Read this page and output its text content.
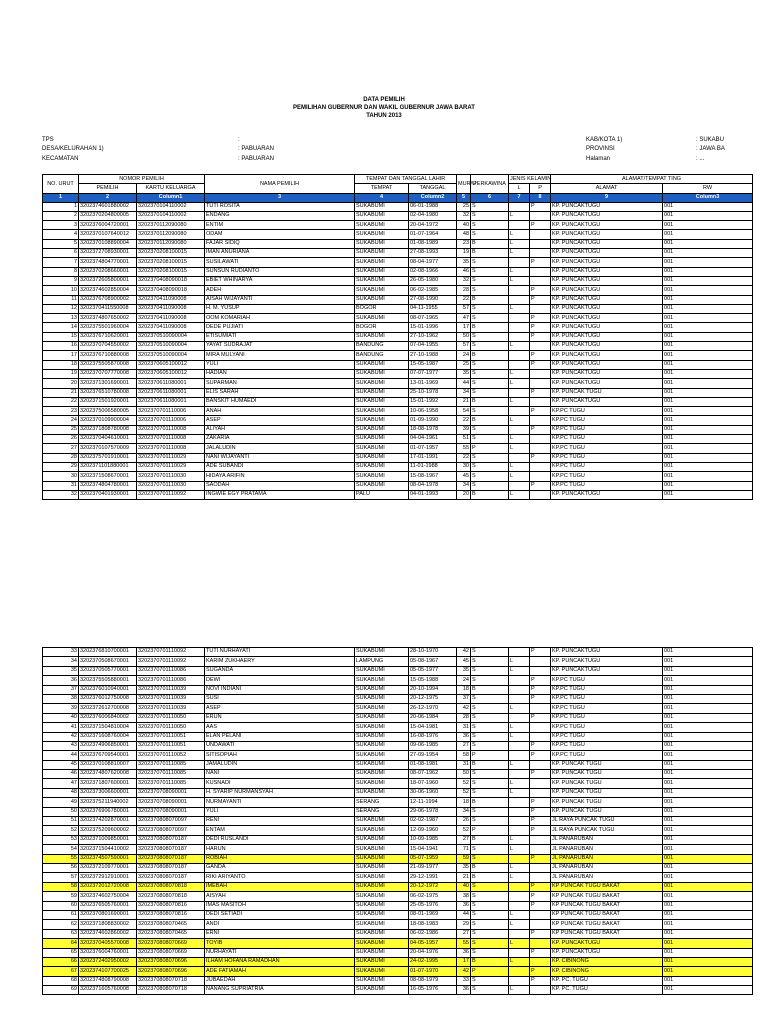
DATA PEMILIH
PEMILIHAN GUBERNUR DAN WAKIL GUBERNUR JAWA BARAT
TAHUN 2013
TPS	:
DESA/KELURAHAN 1)	: PABUARAN
KECAMATAN	: PABUARAN
KAB/KOTA 1)	: SUKABU
PROVINSI	: JAWA BA
Halaman	: ...
NO. URUT	NOMOR PEMILIH		NAMA PEMILIH	TEMPAT DAN TANGGAL LAHIR		MUR/U	PERKAWINA	JENIS KELAMIN		ALAMAT/TEMPAT TING	
	PEMILIH	KARTU KELUARGA		TEMPAT	TANGGAL			L	P	ALAMAT	RW
1	2	Column1	3	4	Column2	5	6	7	8	9	Column3
1	3202374601880002	3202370104110002	TUTI ROSITA	SUKABUMI	06-01-1988	25	S		P	KP. PUNCAKTUGU	001
2	3202370204800005	3202370104110002	ENDANG	SUKABUMI	02-04-1980	32	S	L		KP. PUNCAKTUGU	001
3	3202376004720001	3202370112090080	ENTIM	SUKABUMI	20-04-1972	40	S		P	KP. PUNCAKTUGU	001
4	3202370107640012	3202370112090080	ODAM	SUKABUMI	01-07-1964	48	S	L		KP. PUNCAKTUGU	001
5	3202370108890004	3202370112090080	FAJAR SIDIQ	SUKABUMI	01-08-1989	23	B	L		KP. PUNCAKTUGU	001
6	3202372708930001	3202370208100015	IMAN ANURIANA	SUKABUMI	27-08-1993	19	B	L		KP. PUNCAKTUGU	001
7	3202374804770001	3202370208100015	SUSILAWATI	SUKABUMI	08-04-1977	35	S		P	KP. PUNCAKTUGU	001
8	3202370208660001	3202370208100015	SUNSUN RUDIANTO	SUKABUMI	02-08-1966	46	S	L		KP. PUNCAKTUGU	001
9	3202372605800001	3202370408090018	EBIET WHINARYA	SUKABUMI	26-05-1980	32	S	L		KP. PUNCAKTUGU	001
10	3202374602850004	3202370408090018	ADEH	SUKABUMI	06-02-1985	28	S		P	KP. PUNCAKTUGU	001
11	3202376708900002	3202370411090008	AISAH WIJAYANTI	SUKABUMI	27-08-1990	22	B		P	KP. PUNCAKTUGU	001
12	3202370411550008	3202370411090008	H. M. YUSUP	BOGOR	04-11-1955	57	S	L		KP. PUNCAKTUGU	001
13	3202374807650002	3202370411090008	OOM KOMARIAH	SUKABUMI	08-07-1965	47	S		P	KP. PUNCAKTUGU	001
14	3202375501960004	3202370411090008	DEDE PUJIATI	BOGOR	15-01-1996	17	B		P	KP. PUNCAKTUGU	001
15	3202376710620001	3202370510090004	ETISUMIATI	SUKABUMI	27-10-1962	50	S		P	KP. PUNCAKTUGU	001
16	3202370704550002	3202370510090004	YAYAT SUDRAJAT	BANDUNG	07-04-1955	57	S	L		KP. PUNCAKTUGU	001
17	3202376710880008	3202370510090004	MIRA MULYANI	BANDUNG	27-10-1988	24	B		P	KP. PUNCAKTUGU	001
18	3202375505870008	3202370605100012	YULI	SUKABUMI	15-05-1987	25	S		P	KP. PUNCAKTUGU	001
19	3202370707770008	3202370605100012	HADIAN	SUKABUMI	07-07-1977	35	S	L		KP. PUNCAKTUGU	001
20	3202371301690001	3202370611080001	SUPARMAN	SUKABUMI	13-01-1969	44	S	L		KP. PUNCAKTUGU	001
21	3202376510780008	3202370611080001	ELIS SARAH	SUKABUMI	25-10-1978	34	S		P	KP. PUNCAK TUGU	001
22	3202371501920001	3202370611080001	BANSKIT HUMAEDI	SUKABUMI	15-01-1992	21	B	L		KP. PUNCAKTUGU	001
23	3202375006580005	3202370701110006	ANAH	SUKABUMI	10-06-1958	54	S		P	KP.PC TUGU	001
24	3202370109900004	3202370701110006	ASEP	SUKABUMI	01-09-1990	22	B	L		KP.PC TUGU	001
25	3202371808780008	3202370701110008	ALIYAH	SUKABUMI	18-08-1978	39	S		P	KP.PC TUGU	001
26	3202370404610001	3202370701110008	ZAKARIA	SUKABUMI	04-04-1961	51	S	L		KP.PC TUGU	001
27	3202370107570009	3202370701110008	JALALUDIN	SUKABUMI	01-07-1957	55	P	L		KP.PC TUGU	001
28	3202375701910001	3202370701110029	NANI WIJAYANTI	SUKABUMI	17-01-1991	22	S		P	KP.PC TUGU	001
29	3202371101880001	3202370701110029	ADE SUBANDI	SUKABUMI	11-01-1988	30	S	L		KP.PC TUGU	001
30	3202371508670001	3202370701110030	HIDAYA ARIFIN	SUKABUMI	15-08-1967	45	S	L		KP.PC TUGU	001
31	3202374804780001	3202370701110030	SAODAH	SUKABUMI	08-04-1978	34	S		P	KP.PC TUGU	001
32	3202370401930001	3202370701110092	INGWIE EGY PRATAMA	PALU	04-01-1993	20	B	L		KP. PUNCAKTUGU	001
33	3202376810700001	3202370701110092	TUTI NURHAYATI	SUKABUMI	28-10-1970	42	S		P	KP. PUNCAKTUGU	001
34	3202370508670001	3202370701110092	KARIM ZUKHAERY	LAMPUNG	05-08-1967	45	S	L		KP. PUNCAKTUGU	001
35	3202370505770001	3202370701110086	SUGANDA	SUKABUMI	05-05-1977	35	S	L		KP. PUNCAKTUGU	001
36	3202375505880001	3202370701110086	DEWI	SUKABUMI	15-05-1988	24	S		P	KP.PC TUGU	001
37	3202376010940001	3202370701110039	NOVI INDIANI	SUKABUMI	20-10-1994	18	B		P	KP.PC TUGU	001
38	3202376012750008	3202370701110039	SUSI	SUKABUMI	20-12-1975	37	S		P	KP.PC TUGU	001
39	3202372612700008	3202370701110039	ASEP	SUKABUMI	26-12-1970	42	S	L		KP.PC TUGU	001
40	3202376006840002	3202370701110050	ERUN	SUKABUMI	20-06-1984	28	S		P	KP.PC TUGU	001
41	3202371504810004	3202370701110050	AAS	SUKABUMI	15-04-1981	31	S	L		KP.PC TUGU	001
42	3202371608760004	3202370701110051	ELAN PELANI	SUKABUMI	16-08-1976	36	S	L		KP.PC TUGU	001
43	3202374906850001	3202370701110051	UNDAWATI	SUKABUMI	09-06-1985	27	S		P	KP.PC TUGU	001
44	3202376709540001	3202370701110052	SITISOPIAH	SUKABUMI	27-09-1954	58	P		P	KP.PC TUGU	001
45	3202370108810007	3202370701110085	JAMALUDIN	SUKABUMI	01-08-1981	31	B	L		KP. PUNCAK TUGU	001
46	3202374807620008	3202370701110085	NANI	SUKABUMI	08-07-1962	50	S		P	KP. PUNCAK TUGU	001
47	3202371807600001	3202370701110085	KUSNADI	SUKABUMI	18-07-1960	52	S	L		KP. PUNCAK TUGU	001
48	3202373006600001	3202370708090001	H. SYARIP NURMANSYAH	SUKABUMI	30-06-1960	52	S	L		KP. PUNCAK TUGU	001
49	3202375211940002	3202370708090001	NURMAYANTI	SERANG	12-11-1994	18	B		P	KP. PUNCAK TUGU	001
50	3202376906780001	3202370708090001	YULI	SERANG	29-06-1978	34	S		P	KP. PUNCAK TUGU	001
51	3202374202870001	3202370808070097	RENI	SUKABUMI	02-02-1987	26	S		P	JL RAYA PUNCAK TUGU	001
52	3202375209600002	3202370808070097	ENTAM	SUKABUMI	12-09-1960	52	P		P	JL RAYA PUNCAK TUGU	001
53	3202371009850001	3202370808070187	DEDI RUSLANDI	SUKABUMI	10-09-1985	27	B	L		JL PANARUBAN	001
54	3202371504410002	3202370808070187	HARUN	SUKABUMI	15-04-1941	71	S	L		JL PANARUBAN	001
55	3202374507590001	3202370808070187	ROBIAH	SUKABUMI	05-07-1959	59	S		P	JL PANARUBAN	001
56	3202372109770001	3202370808070187	GANDA	SUKABUMI	21-09-1977	35	B	L		JL PANARUBAN	001
57	3202372912910001	3202370808070187	RIKI ARIYANTO	SUKABUMI	29-12-1991	21	B	L		JL PANARUBAN	001
58	3202372012720008	3202370808070818	IMEBAH	SUKABUMI	20-12-1972	40	S		P	KP PUNCAK TUGU BAKAT	001
59	3202374602750004	3202370808070818	AISYAH	SUKABUMI	06-02-1975	38	S		P	KP PUNCAK TUGU BAKAT	001
60	3202376505760001	3202370808070816	IMAS MASITOH	SUKABUMI	25-05-1976	36	S		P	KP PUNCAK TUGU BAKAT	001
61	3202370801690001	3202370808070816	DEDI SETIADI	SUKABUMI	08-01-1969	44	S	L		KP PUNCAK TUGU BAKAT	001
62	3202371808830002	3202370808070465	ANDI	SUKABUMI	18-08-1983	29	S	L		KP PUNCAK TUGU BAKAT	001
63	3202374602860002	3202370808070465	ERNI	SUKABUMI	06-02-1986	27	S		P	KP PUNCAK TUGU BAKAT	001
64	3202370405570008	3202370808070669	TOYIB	SUKABUMI	04-05-1957	55	S	L		KP. PUNCAKTUGU	001
65	3202376004760001	3202370808070669	NURHAYATI	SUKABUMI	20-04-1976	36	S		P	KP. PUNCAKTUGU	001
66	3202372402950002	3202370808070696	ILHAM HOFANA RAMADHAN	SUKABUMI	24-02-1995	17	B	L		KP. CIBINONG	001
67	3202374107700025	3202370808070696	ADE FATIAMAH	SUKABUMI	01-07-1970	42	P		P	KP. CIBINONG	001
68	3202374808790008	3202370808070718	JUBAEDAH	SUKABUMI	08-08-1979	33	S		P	KP. PC. TUGU	001
69	3202371605760008	3202370808070718	NANANG SUPRIATRIA	SUKABUMI	16-05-1976	36	S	L		KP. PC. TUGU	001
